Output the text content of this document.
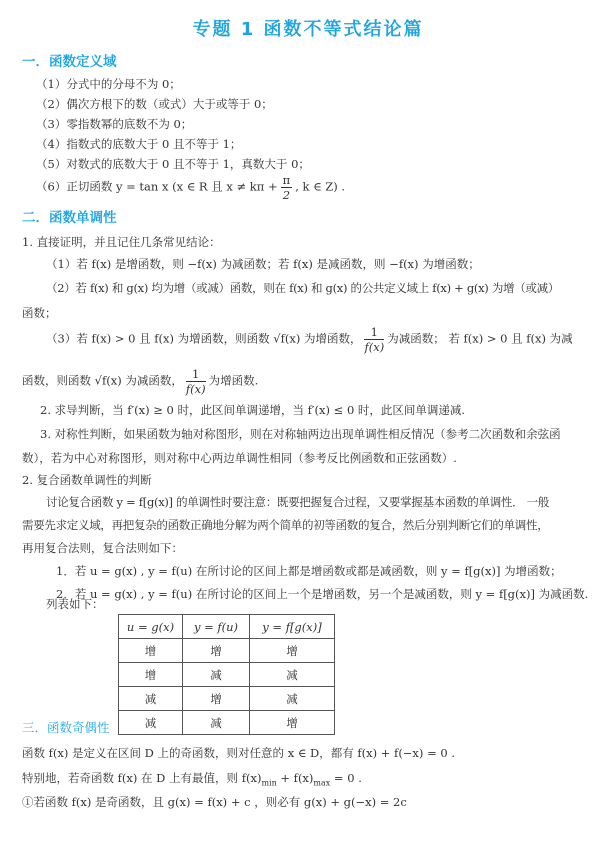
专题 1 函数不等式结论篇
一．函数定义域
（1）分式中的分母不为 0；
（2）偶次方根下的数（或式）大于或等于 0；
（3）零指数幂的底数不为 0；
（4）指数式的底数大于 0 且不等于 1；
（5）对数式的底数大于 0 且不等于 1，真数大于 0；
（6）正切函数 y = tan x (x ∈ R 且 $x \ne k\pi + \frac{\pi}{2}$ , k ∈ Z) .
二．函数单调性
1. 直接证明，并且记住几条常见结论：
（1）若 f(x) 是增函数，则 −f(x) 为减函数；若 f(x) 是减函数，则 −f(x) 为增函数；
（2）若 f(x) 和 g(x) 均为增（或减）函数，则在 f(x) 和 g(x) 的公共定义域上 f(x) + g(x) 为增（或减）
函数；
（3）若 f(x) > 0 且 f(x) 为增函数，则函数 √f(x) 为增函数， $\frac{1}{f(x)}$ 为减函数； 若 f(x) > 0 且 f(x) 为减
函数，则函数 √f(x) 为减函数， $\frac{1}{f(x)}$ 为增函数.
2. 求导判断，当 f′(x) ≥ 0 时，此区间单调递增，当 f′(x) ≤ 0 时，此区间单调递减.
3. 对称性判断，如果函数为轴对称图形，则在对称轴两边出现单调性相反情况（参考二次函数和余弦函
数），若为中心对称图形，则对称中心两边单调性相同（参考反比例函数和正弦函数）.
2. 复合函数单调性的判断
讨论复合函数 y = f[g(x)] 的单调性时要注意：既要把握复合过程，又要掌握基本函数的单调性． 一般
需要先求定义域，再把复杂的函数正确地分解为两个简单的初等函数的复合，然后分别判断它们的单调性，
再用复合法则，复合法则如下：
1．若 u = g(x) , y = f(u) 在所讨论的区间上都是增函数或都是减函数，则 y = f[g(x)] 为增函数；
2．若 u = g(x) , y = f(u) 在所讨论的区间上一个是增函数，另一个是减函数，则 y = f[g(x)] 为减函数.
列表如下：
u = g(x)	y = f(u)	y = f[g(x)]
增	增	增
增	减	减
减	增	减
减	减	增
三．函数奇偶性
函数 f(x) 是定义在区间 D 上的奇函数，则对任意的 x ∈ D，都有 f(x) + f(−x) = 0 .
特别地，若奇函数 f(x) 在 D 上有最值，则 $f(x)_{min} + f(x)_{max} = 0$ .
①若函数 f(x) 是奇函数，且 g(x) = f(x) + c ，则必有 g(x) + g(−x) = 2c
